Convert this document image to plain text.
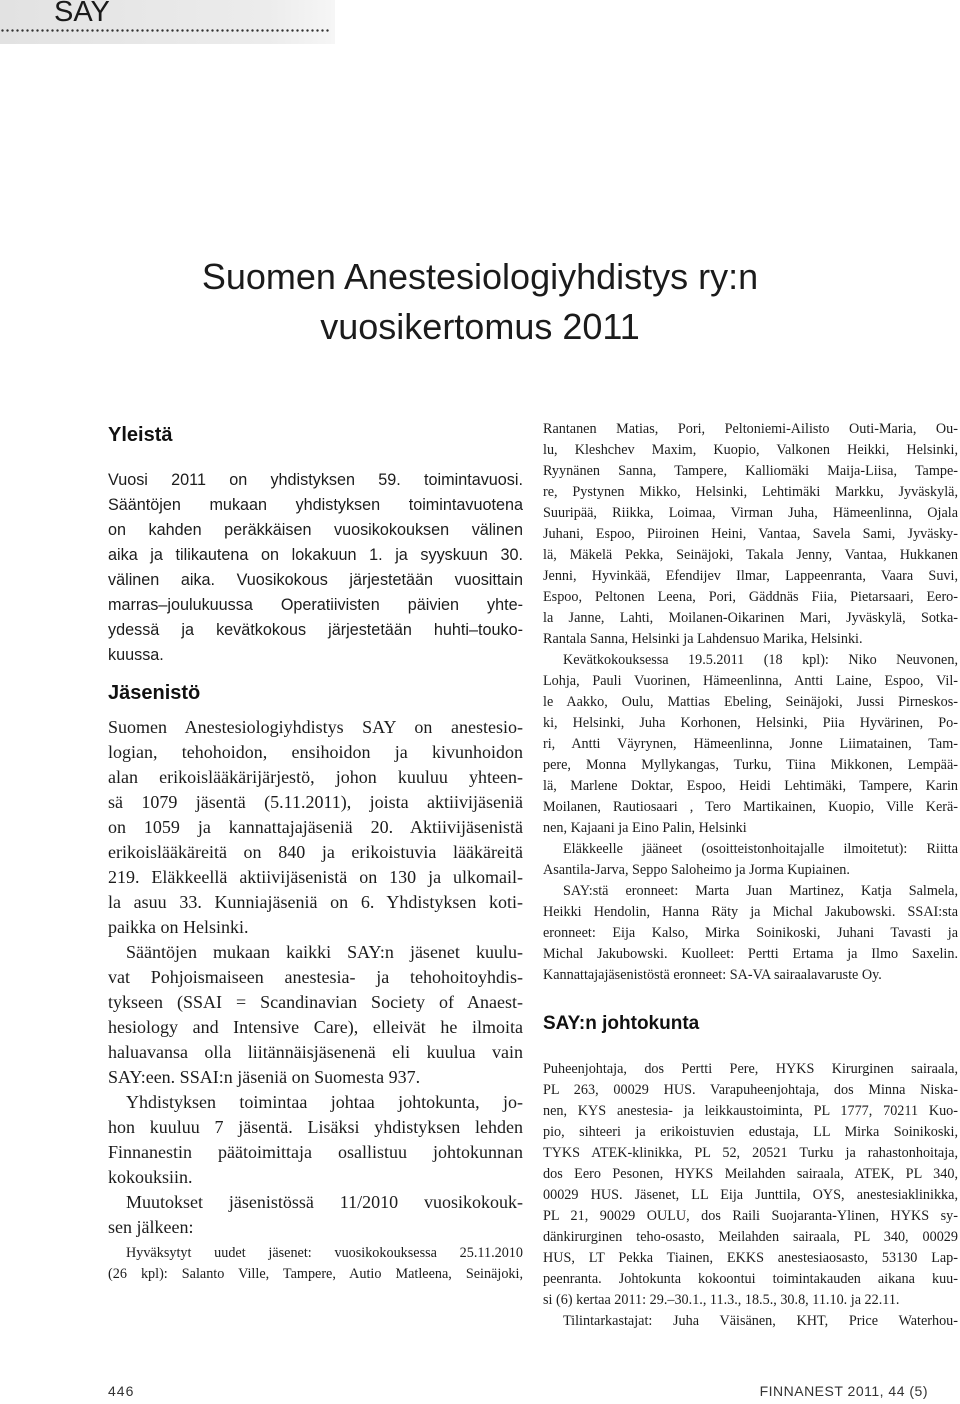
SAY
Suomen Anestesiologiyhdistys ry:n
vuosikertomus 2011
Yleistä
Jäsenistö
Vuosi 2011 on yhdistyksen 59. toimintavuosi.
Sääntöjen mukaan yhdistyksen toimintavuotena
on kahden peräkkäisen vuosikokouksen välinen
aika ja tilikautena on lokakuun 1. ja syyskuun 30.
välinen aika. Vuosikokous järjestetään vuosittain
marras–joulukuussa Operatiivisten päivien yhte-
ydessä ja kevätkokous järjestetään huhti–touko-
kuussa.
Suomen Anestesiologiyhdistys SAY on anestesio-
logian, tehohoidon, ensihoidon ja kivunhoidon
alan erikoislääkärijärjestö, johon kuuluu yhteen-
sä 1079 jäsentä (5.11.2011), joista aktiivijäseniä
on 1059 ja kannattajajäseniä 20. Aktiivijäsenistä
erikoislääkäreitä on 840 ja erikoistuvia lääkäreitä
219. Eläkkeellä aktiivijäsenistä on 130 ja ulkomail-
la asuu 33. Kunniajäseniä on 6. Yhdistyksen koti-
paikka on Helsinki.
Sääntöjen mukaan kaikki SAY:n jäsenet kuulu-
vat Pohjoismaiseen anestesia- ja tehohoitoyhdis-
tykseen (SSAI = Scandinavian Society of Anaest-
hesiology and Intensive Care), elleivät he ilmoita
haluavansa olla liitännäisjäsenenä eli kuulua vain
SAY:een. SSAI:n jäseniä on Suomesta 937.
Yhdistyksen toimintaa johtaa johtokunta, jo-
hon kuuluu 7 jäsentä. Lisäksi yhdistyksen lehden
Finnanestin päätoimittaja osallistuu johtokunnan
kokouksiin.
Muutokset jäsenistössä 11/2010 vuosikokouk-
sen jälkeen:
Hyväksytyt uudet jäsenet: vuosikokouksessa 25.11.2010
(26 kpl): Salanto Ville, Tampere, Autio Matleena, Seinäjoki,
Rantanen Matias, Pori, Peltoniemi-Ailisto Outi-Maria, Ou-
lu, Kleshchev Maxim, Kuopio, Valkonen Heikki, Helsinki,
Ryynänen Sanna, Tampere, Kalliomäki Maija-Liisa, Tampe-
re, Pystynen Mikko, Helsinki, Lehtimäki Markku, Jyväskylä,
Suuripää, Riikka, Loimaa, Virman Juha, Hämeenlinna, Ojala
Juhani, Espoo, Piiroinen Heini, Vantaa, Savela Sami, Jyväsky-
lä, Mäkelä Pekka, Seinäjoki, Takala Jenny, Vantaa, Hukkanen
Jenni, Hyvinkää, Efendijev Ilmar, Lappeenranta, Vaara Suvi,
Espoo, Peltonen Leena, Pori, Gäddnäs Fiia, Pietarsaari, Eero-
la Janne, Lahti, Moilanen-Oikarinen Mari, Jyväskylä, Sotka-
Rantala Sanna, Helsinki ja Lahdensuo Marika, Helsinki.
Kevätkokouksessa 19.5.2011 (18 kpl): Niko Neuvonen,
Lohja, Pauli Vuorinen, Hämeenlinna, Antti Laine, Espoo, Vil-
le Aakko, Oulu, Mattias Ebeling, Seinäjoki, Jussi Pirneskos-
ki, Helsinki, Juha Korhonen, Helsinki, Piia Hyvärinen, Po-
ri, Antti Väyrynen, Hämeenlinna, Jonne Liimatainen, Tam-
pere, Monna Myllykangas, Turku, Tiina Mikkonen, Lempää-
lä, Marlene Doktar, Espoo, Heidi Lehtimäki, Tampere, Karin
Moilanen, Rautiosaari , Tero Martikainen, Kuopio, Ville Kerä-
nen, Kajaani ja Eino Palin, Helsinki
Eläkkeelle jääneet (osoitteistonhoitajalle ilmoitetut): Riitta
Asantila-Jarva, Seppo Saloheimo ja Jorma Kupiainen.
SAY:stä eronneet: Marta Juan Martinez, Katja Salmela,
Heikki Hendolin, Hanna Räty ja Michal Jakubowski. SSAI:sta
eronneet: Eija Kalso, Mirka Soinikoski, Juhani Tavasti ja
Michal Jakubowski. Kuolleet: Pertti Ertama ja Ilmo Saxelin.
Kannattajajäsenistöstä eronneet: SA-VA sairaalavaruste Oy.
SAY:n johtokunta
Puheenjohtaja, dos Pertti Pere, HYKS Kirurginen sairaala,
PL 263, 00029 HUS. Varapuheenjohtaja, dos Minna Niska-
nen, KYS anestesia- ja leikkaustoiminta, PL 1777, 70211 Kuo-
pio, sihteeri ja erikoistuvien edustaja, LL Mirka Soinikoski,
TYKS ATEK-klinikka, PL 52, 20521 Turku ja rahastonhoitaja,
dos Eero Pesonen, HYKS Meilahden sairaala, ATEK, PL 340,
00029 HUS. Jäsenet, LL Eija Junttila, OYS, anestesiaklinikka,
PL 21, 90029 OULU, dos Raili Suojaranta-Ylinen, HYKS sy-
dänkirurginen teho-osasto, Meilahden sairaala, PL 340, 00029
HUS, LT Pekka Tiainen, EKKS anestesiaosasto, 53130 Lap-
peenranta. Johtokunta kokoontui toimintakauden aikana kuu-
si (6) kertaa 2011: 29.–30.1., 11.3., 18.5., 30.8, 11.10. ja 22.11.
Tilintarkastajat: Juha Väisänen, KHT, Price Waterhou-
446	FINNANEST 2011, 44 (5)
